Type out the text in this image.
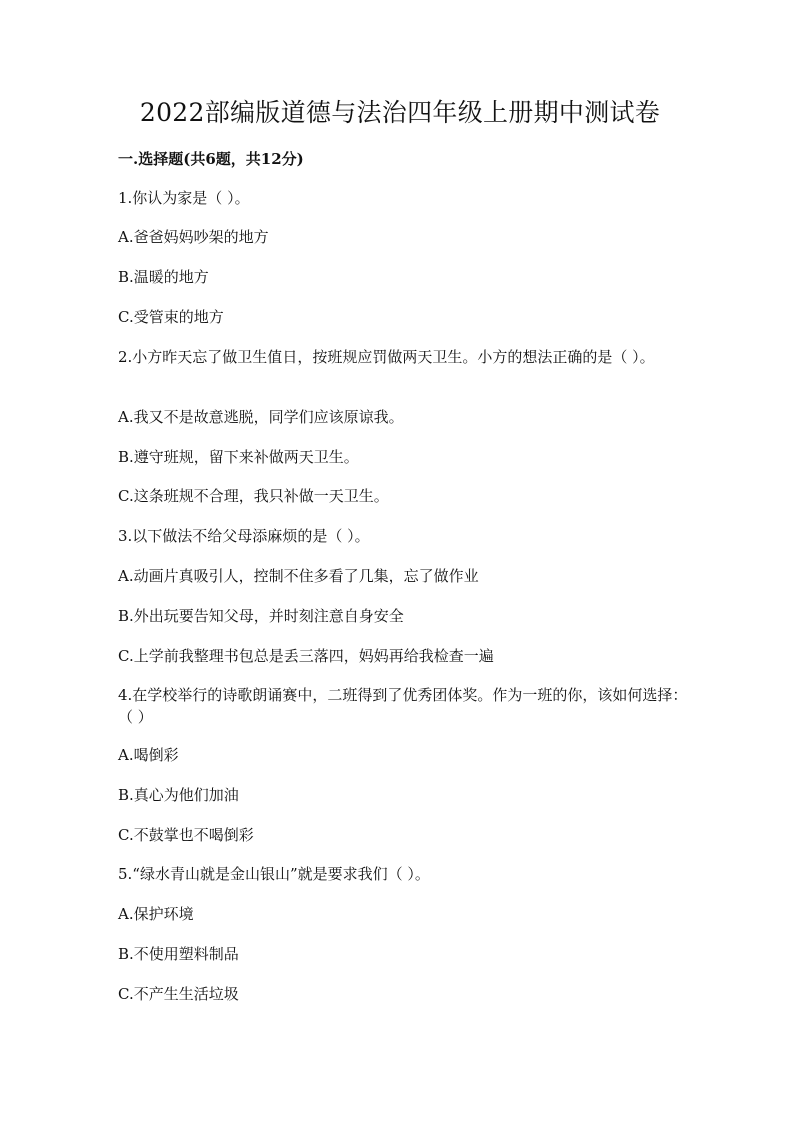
2022部编版道德与法治四年级上册期中测试卷
一.选择题(共6题，共12分)
1.你认为家是（ ）。
A.爸爸妈妈吵架的地方
B.温暖的地方
C.受管束的地方
2.小方昨天忘了做卫生值日，按班规应罚做两天卫生。小方的想法正确的是（ ）。
A.我又不是故意逃脱，同学们应该原谅我。
B.遵守班规，留下来补做两天卫生。
C.这条班规不合理，我只补做一天卫生。
3.以下做法不给父母添麻烦的是（ ）。
A.动画片真吸引人，控制不住多看了几集，忘了做作业
B.外出玩要告知父母，并时刻注意自身安全
C.上学前我整理书包总是丢三落四，妈妈再给我检查一遍
4.在学校举行的诗歌朗诵赛中，二班得到了优秀团体奖。作为一班的你，该如何选择：（ ）
A.喝倒彩
B.真心为他们加油
C.不鼓掌也不喝倒彩
5.“绿水青山就是金山银山”就是要求我们（ ）。
A.保护环境
B.不使用塑料制品
C.不产生生活垃圾
